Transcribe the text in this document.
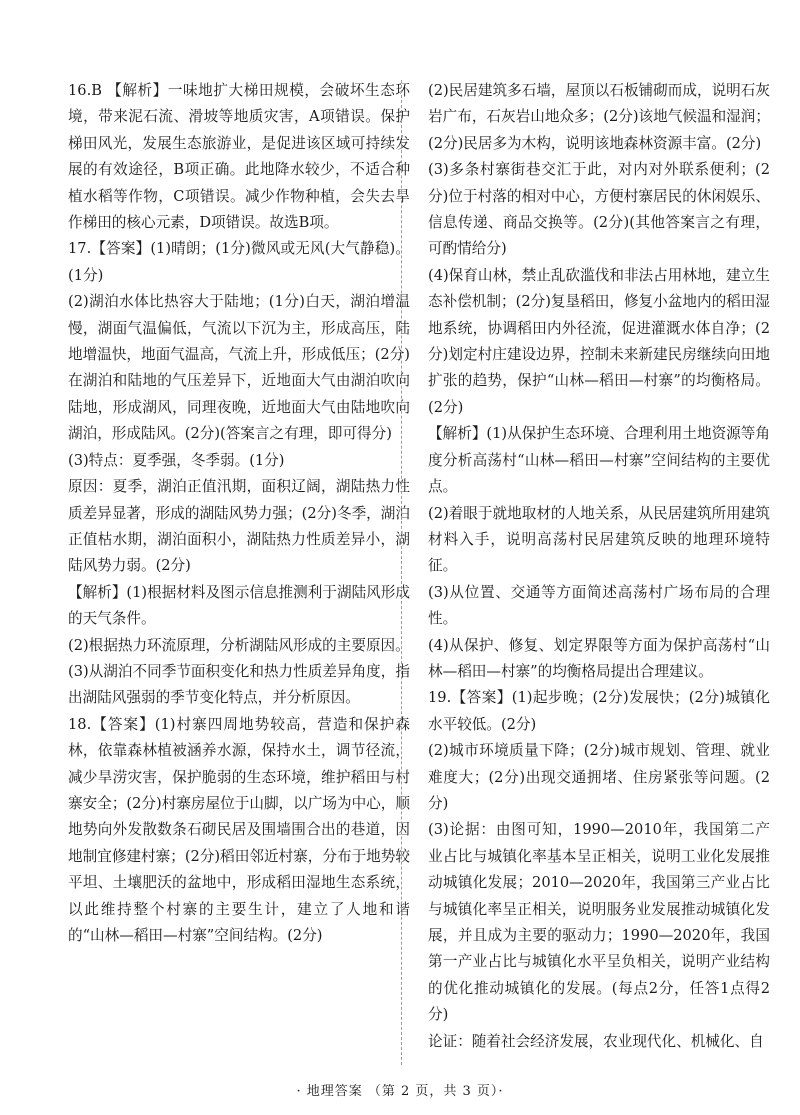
16.B 【解析】一味地扩大梯田规模，会破坏生态环境，带来泥石流、滑坡等地质灾害，A项错误。保护梯田风光，发展生态旅游业，是促进该区域可持续发展的有效途径，B项正确。此地降水较少，不适合种植水稻等作物，C项错误。减少作物种植，会失去旱作梯田的核心元素，D项错误。故选B项。

17.【答案】(1)晴朗；(1分)微风或无风(大气静稳)。(1分)

(2)湖泊水体比热容大于陆地；(1分)白天，湖泊增温慢，湖面气温偏低，气流以下沉为主，形成高压，陆地增温快，地面气温高，气流上升，形成低压；(2分)在湖泊和陆地的气压差异下，近地面大气由湖泊吹向陆地，形成湖风，同理夜晚，近地面大气由陆地吹向湖泊，形成陆风。(2分)(答案言之有理，即可得分)

(3)特点：夏季强，冬季弱。(1分)

原因：夏季，湖泊正值汛期，面积辽阔，湖陆热力性质差异显著，形成的湖陆风势力强；(2分)冬季，湖泊正值枯水期，湖泊面积小，湖陆热力性质差异小，湖陆风势力弱。(2分)

【解析】(1)根据材料及图示信息推测利于湖陆风形成的天气条件。

(2)根据热力环流原理，分析湖陆风形成的主要原因。

(3)从湖泊不同季节面积变化和热力性质差异角度，指出湖陆风强弱的季节变化特点，并分析原因。

18.【答案】(1)村寨四周地势较高，营造和保护森林，依靠森林植被涵养水源，保持水土，调节径流，减少旱涝灾害，保护脆弱的生态环境，维护稻田与村寨安全；(2分)村寨房屋位于山脚，以广场为中心，顺地势向外发散数条石砌民居及围墙围合出的巷道，因地制宜修建村寨；(2分)稻田邻近村寨，分布于地势较平坦、土壤肥沃的盆地中，形成稻田湿地生态系统，以此维持整个村寨的主要生计，建立了人地和谐的“山林—稻田—村寨”空间结构。(2分)

(2)民居建筑多石墙，屋顶以石板铺砌而成，说明石灰岩广布，石灰岩山地众多；(2分)该地气候温和湿润；(2分)民居多为木构，说明该地森林资源丰富。(2分)

(3)多条村寨街巷交汇于此，对内对外联系便利；(2分)位于村落的相对中心，方便村寨居民的休闲娱乐、信息传递、商品交换等。(2分)(其他答案言之有理，可酌情给分)

(4)保育山林，禁止乱砍滥伐和非法占用林地，建立生态补偿机制；(2分)复垦稻田，修复小盆地内的稻田湿地系统，协调稻田内外径流，促进灌溉水体自净；(2分)划定村庄建设边界，控制未来新建民房继续向田地扩张的趋势，保护“山林—稻田—村寨”的均衡格局。(2分)

【解析】(1)从保护生态环境、合理利用土地资源等角度分析高荡村“山林—稻田—村寨”空间结构的主要优点。

(2)着眼于就地取材的人地关系，从民居建筑所用建筑材料入手，说明高荡村民居建筑反映的地理环境特征。

(3)从位置、交通等方面简述高荡村广场布局的合理性。

(4)从保护、修复、划定界限等方面为保护高荡村“山林—稻田—村寨”的均衡格局提出合理建议。

19.【答案】(1)起步晚；(2分)发展快；(2分)城镇化水平较低。(2分)

(2)城市环境质量下降；(2分)城市规划、管理、就业难度大；(2分)出现交通拥堵、住房紧张等问题。(2分)

(3)论据：由图可知，1990—2010年，我国第二产业占比与城镇化率基本呈正相关，说明工业化发展推动城镇化发展；2010—2020年，我国第三产业占比与城镇化率呈正相关，说明服务业发展推动城镇化发展，并且成为主要的驱动力；1990—2020年，我国第一产业占比与城镇化水平呈负相关，说明产业结构的优化推动城镇化的发展。(每点2分，任答1点得2分)

论证：随着社会经济发展，农业现代化、机械化、自

· 地理答案 （第 2 页，共 3 页）·
